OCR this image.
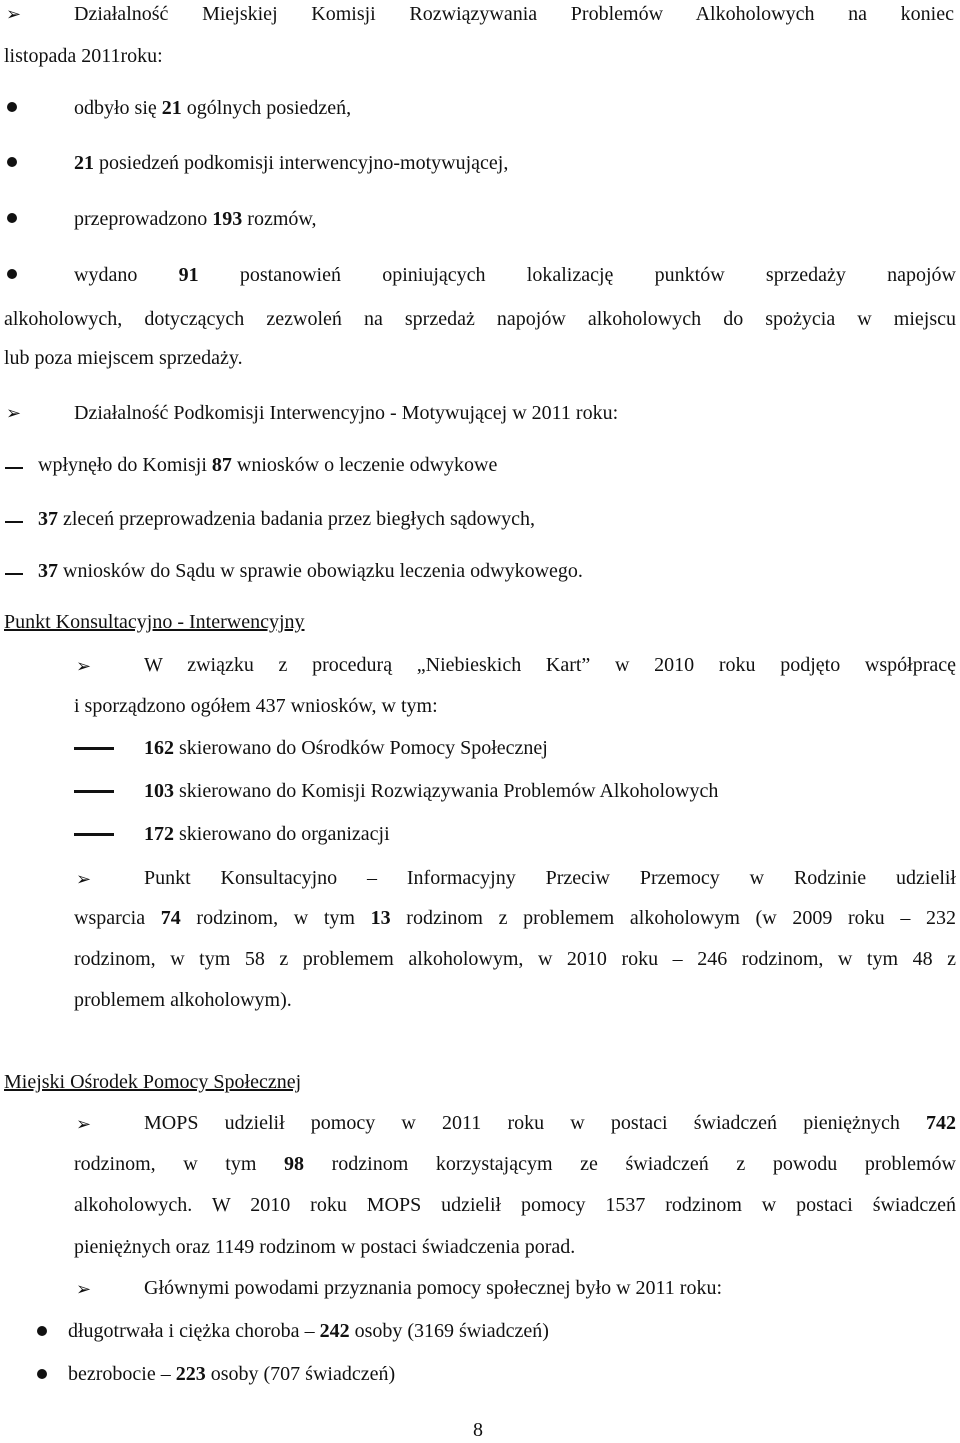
➢	Działalność Miejskiej Komisji Rozwiązywania Problemów Alkoholowych na koniec
listopada 2011roku:
odbyło się 21 ogólnych posiedzeń,
21 posiedzeń podkomisji interwencyjno-motywującej,
przeprowadzono 193 rozmów,
wydano 91 postanowień opiniujących lokalizację punktów sprzedaży napojów
alkoholowych, dotyczących zezwoleń na sprzedaż napojów alkoholowych do spożycia w miejscu
lub poza miejscem sprzedaży.
➢	Działalność Podkomisji Interwencyjno - Motywującej w 2011 roku:
wpłynęło do Komisji 87 wniosków o leczenie odwykowe
37 zleceń przeprowadzenia badania przez biegłych sądowych,
37 wniosków do Sądu w sprawie obowiązku leczenia odwykowego.
Punkt Konsultacyjno - Interwencyjny
➢	W związku z procedurą „Niebieskich Kart” w 2010 roku podjęto współpracę
i sporządzono ogółem 437 wniosków, w tym:
162 skierowano do Ośrodków Pomocy Społecznej
103 skierowano do Komisji Rozwiązywania Problemów Alkoholowych
172 skierowano do organizacji
➢	Punkt Konsultacyjno – Informacyjny Przeciw Przemocy w Rodzinie udzielił
wsparcia 74 rodzinom, w tym 13 rodzinom z problemem alkoholowym (w 2009 roku – 232
rodzinom, w tym 58 z problemem alkoholowym, w 2010 roku – 246 rodzinom, w tym 48 z
problemem alkoholowym).
Miejski Ośrodek Pomocy Społecznej
➢	MOPS udzielił pomocy w 2011 roku w postaci świadczeń pieniężnych 742
rodzinom, w tym 98 rodzinom korzystającym ze świadczeń z powodu problemów
alkoholowych. W 2010 roku MOPS udzielił pomocy 1537 rodzinom w postaci świadczeń
pieniężnych oraz 1149 rodzinom w postaci świadczenia porad.
➢	Głównymi powodami przyznania pomocy społecznej było w 2011 roku:
długotrwała i ciężka choroba – 242 osoby (3169 świadczeń)
bezrobocie – 223 osoby (707 świadczeń)
8
